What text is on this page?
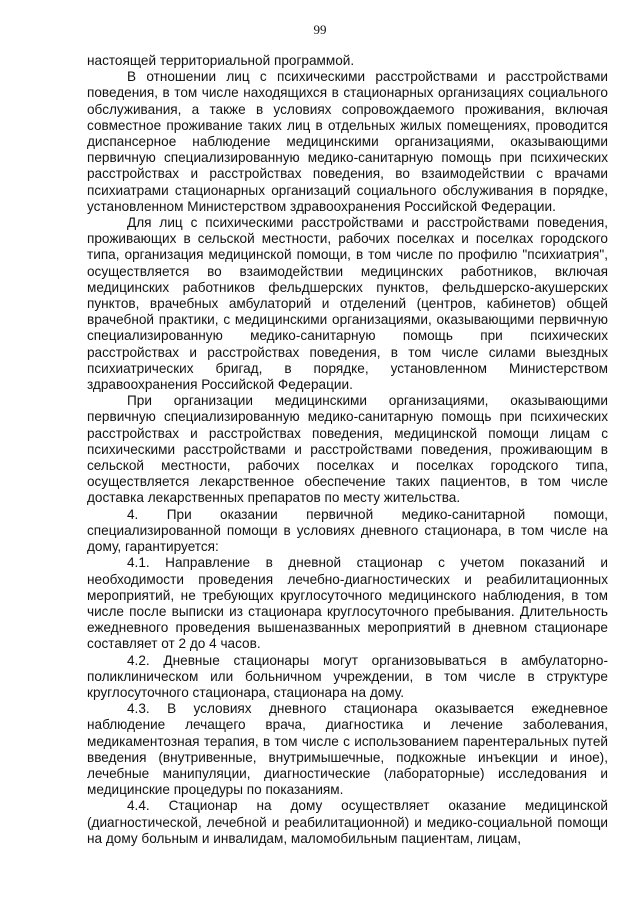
99

настоящей территориальной программой.

В отношении лиц с психическими расстройствами и расстройствами поведения, в том числе находящихся в стационарных организациях социального обслуживания, а также в условиях сопровождаемого проживания, включая совместное проживание таких лиц в отдельных жилых помещениях, проводится диспансерное наблюдение медицинскими организациями, оказывающими первичную специализированную медико-санитарную помощь при психических расстройствах и расстройствах поведения, во взаимодействии с врачами психиатрами стационарных организаций социального обслуживания в порядке, установленном Министерством здравоохранения Российской Федерации.

Для лиц с психическими расстройствами и расстройствами поведения, проживающих в сельской местности, рабочих поселках и поселках городского типа, организация медицинской помощи, в том числе по профилю "психиатрия", осуществляется во взаимодействии медицинских работников, включая медицинских работников фельдшерских пунктов, фельдшерско-акушерских пунктов, врачебных амбулаторий и отделений (центров, кабинетов) общей врачебной практики, с медицинскими организациями, оказывающими первичную специализированную медико-санитарную помощь при психических расстройствах и расстройствах поведения, в том числе силами выездных психиатрических бригад, в порядке, установленном Министерством здравоохранения Российской Федерации.

При организации медицинскими организациями, оказывающими первичную специализированную медико-санитарную помощь при психических расстройствах и расстройствах поведения, медицинской помощи лицам с психическими расстройствами и расстройствами поведения, проживающим в сельской местности, рабочих поселках и поселках городского типа, осуществляется лекарственное обеспечение таких пациентов, в том числе доставка лекарственных препаратов по месту жительства.

4. При оказании первичной медико-санитарной помощи, специализированной помощи в условиях дневного стационара, в том числе на дому, гарантируется:

4.1. Направление в дневной стационар с учетом показаний и необходимости проведения лечебно-диагностических и реабилитационных мероприятий, не требующих круглосуточного медицинского наблюдения, в том числе после выписки из стационара круглосуточного пребывания. Длительность ежедневного проведения вышеназванных мероприятий в дневном стационаре составляет от 2 до 4 часов.

4.2. Дневные стационары могут организовываться в амбулаторно-поликлиническом или больничном учреждении, в том числе в структуре круглосуточного стационара, стационара на дому.

4.3. В условиях дневного стационара оказывается ежедневное наблюдение лечащего врача, диагностика и лечение заболевания, медикаментозная терапия, в том числе с использованием парентеральных путей введения (внутривенные, внутримышечные, подкожные инъекции и иное), лечебные манипуляции, диагностические (лабораторные) исследования и медицинские процедуры по показаниям.

4.4. Стационар на дому осуществляет оказание медицинской (диагностической, лечебной и реабилитационной) и медико-социальной помощи на дому больным и инвалидам, маломобильным пациентам, лицам,
